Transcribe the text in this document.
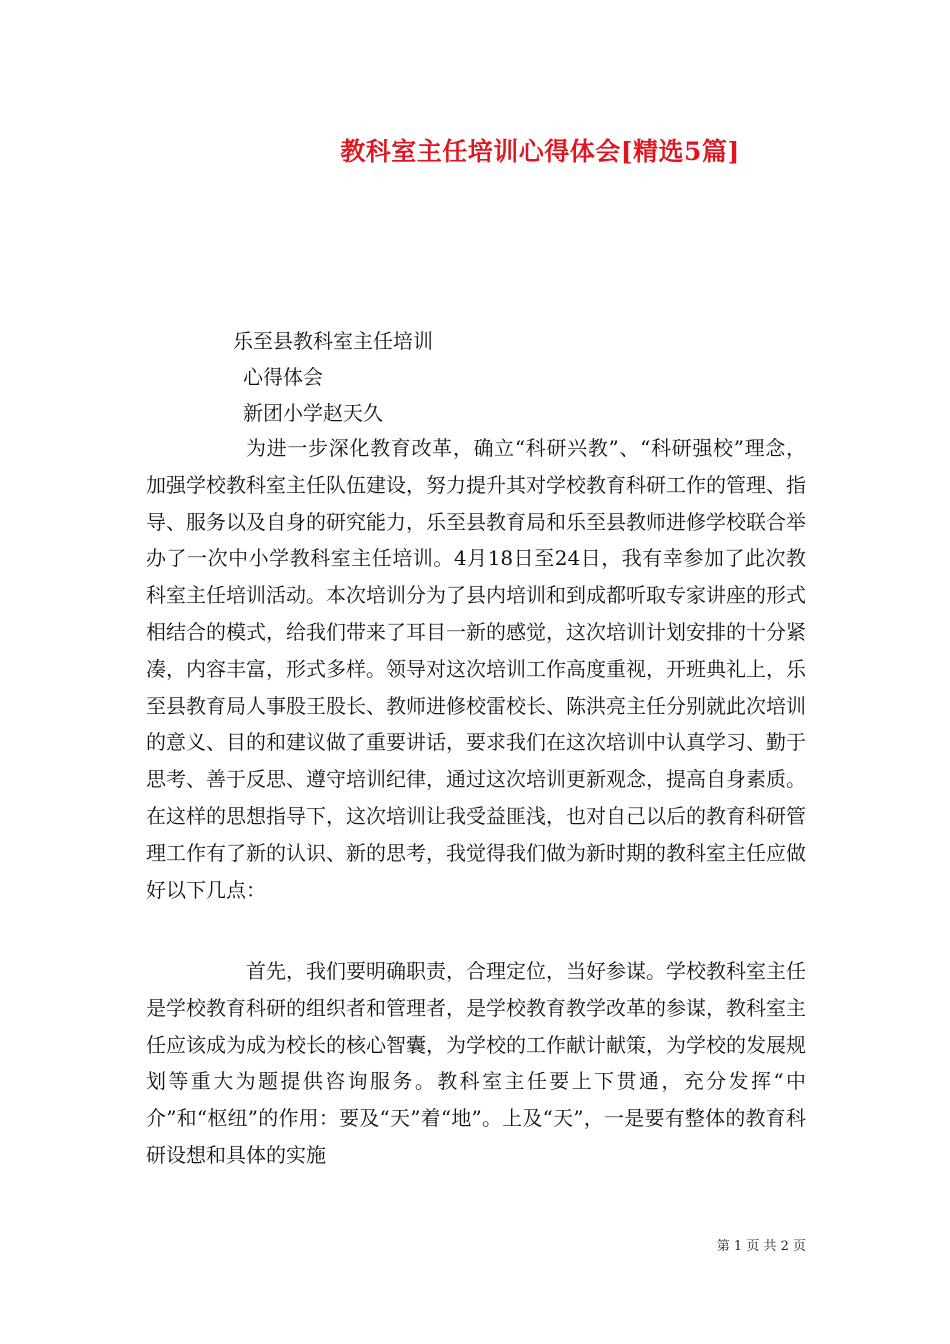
教科室主任培训心得体会[精选5篇]
乐至县教科室主任培训
心得体会
新团小学赵天久

为进一步深化教育改革，确立“科研兴教”、“科研强校”理念，加强学校教科室主任队伍建设，努力提升其对学校教育科研工作的管理、指导、服务以及自身的研究能力，乐至县教育局和乐至县教师进修学校联合举办了一次中小学教科室主任培训。4月18日至24日，我有幸参加了此次教科室主任培训活动。本次培训分为了县内培训和到成都听取专家讲座的形式相结合的模式，给我们带来了耳目一新的感觉，这次培训计划安排的十分紧凑，内容丰富，形式多样。领导对这次培训工作高度重视，开班典礼上，乐至县教育局人事股王股长、教师进修校雷校长、陈洪亮主任分别就此次培训的意义、目的和建议做了重要讲话，要求我们在这次培训中认真学习、勤于思考、善于反思、遵守培训纪律，通过这次培训更新观念，提高自身素质。在这样的思想指导下，这次培训让我受益匪浅，也对自己以后的教育科研管理工作有了新的认识、新的思考，我觉得我们做为新时期的教科室主任应做好以下几点：

首先，我们要明确职责，合理定位，当好参谋。学校教科室主任是学校教育科研的组织者和管理者，是学校教育教学改革的参谋，教科室主任应该成为成为校长的核心智囊，为学校的工作献计献策，为学校的发展规划等重大为题提供咨询服务。教科室主任要上下贯通，充分发挥“中介”和“枢纽”的作用：要及“天”着“地”。上及“天”，一是要有整体的教育科研设想和具体的实施

第 1 页 共 2 页
